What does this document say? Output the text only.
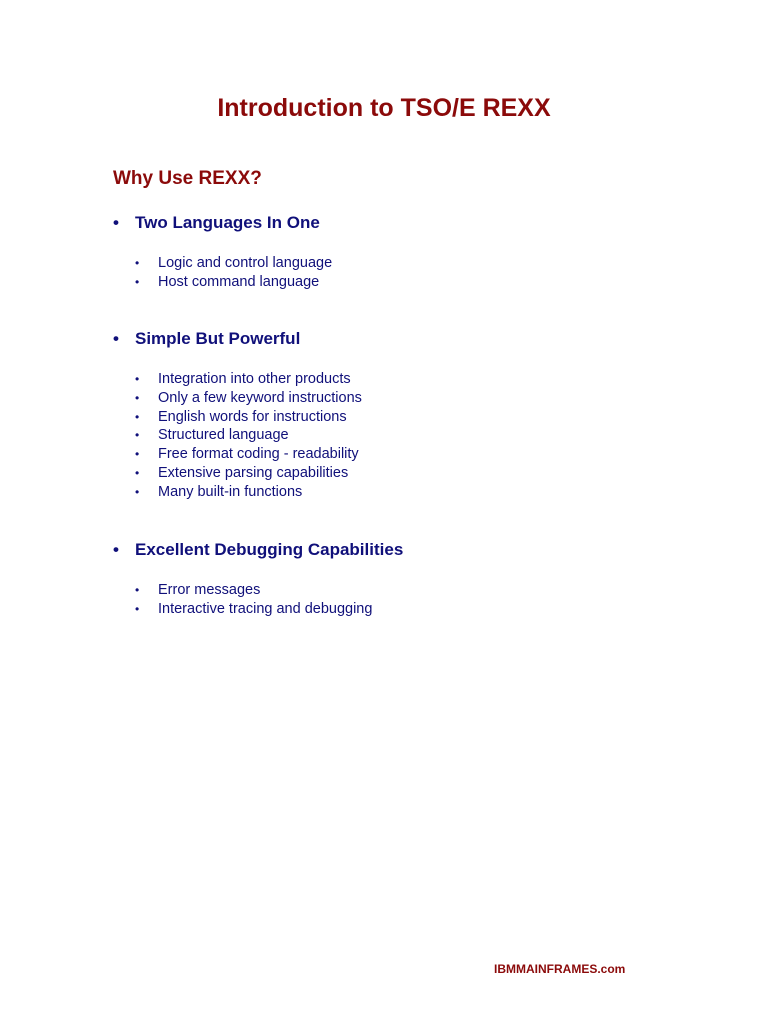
Introduction to TSO/E REXX
Why Use REXX?
• Two Languages In One
• Logic and control language
• Host command language
• Simple But Powerful
• Integration into other products
• Only a few keyword instructions
• English words for instructions
• Structured language
• Free format coding - readability
• Extensive parsing capabilities
• Many built-in functions
• Excellent Debugging Capabilities
• Error messages
• Interactive tracing and debugging

IBMMAINFRAMES.com
